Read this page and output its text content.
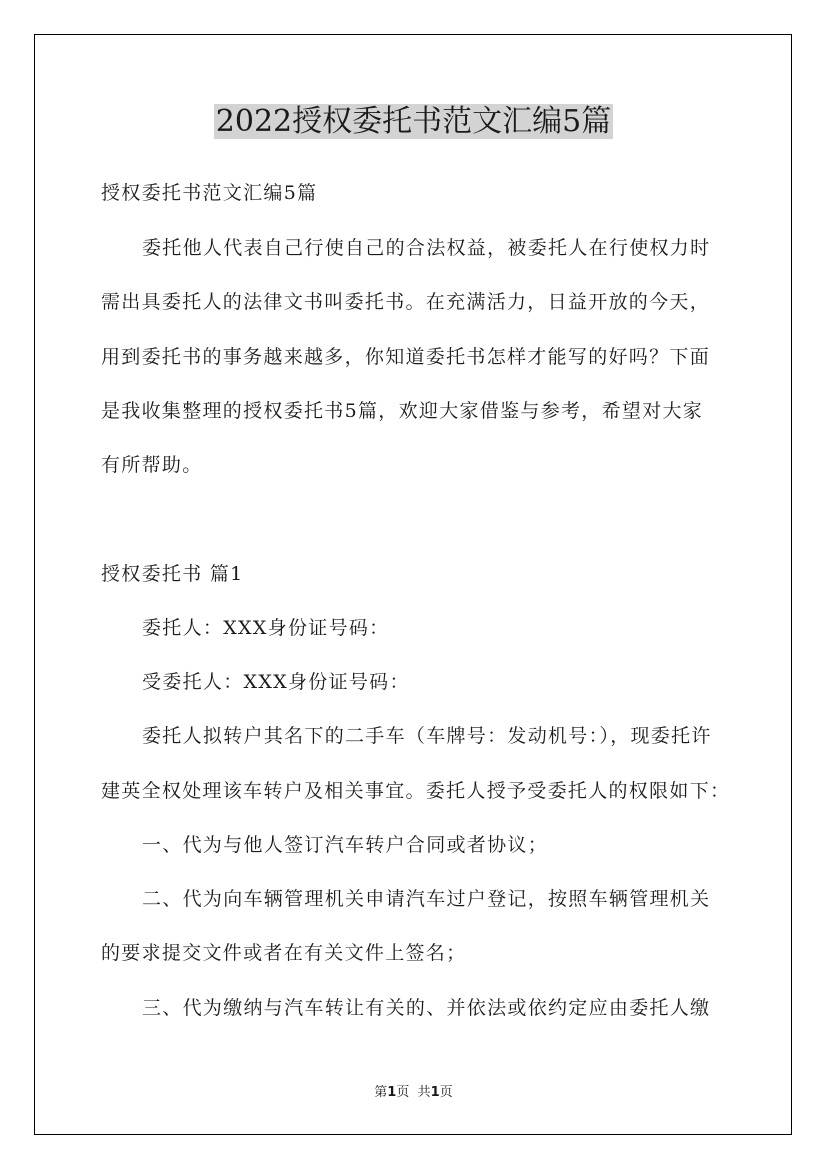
2022授权委托书范文汇编5篇
授权委托书范文汇编5篇
委托他人代表自己行使自己的合法权益，被委托人在行使权力时
需出具委托人的法律文书叫委托书。在充满活力，日益开放的今天，
用到委托书的事务越来越多，你知道委托书怎样才能写的好吗？下面
是我收集整理的授权委托书5篇，欢迎大家借鉴与参考，希望对大家
有所帮助。
授权委托书 篇1
委托人：XXX身份证号码：
受委托人：XXX身份证号码：
委托人拟转户其名下的二手车（车牌号：发动机号：），现委托许
建英全权处理该车转户及相关事宜。委托人授予受委托人的权限如下：
一、代为与他人签订汽车转户合同或者协议；
二、代为向车辆管理机关申请汽车过户登记，按照车辆管理机关
的要求提交文件或者在有关文件上签名；
三、代为缴纳与汽车转让有关的、并依法或依约定应由委托人缴
第1页 共1页
